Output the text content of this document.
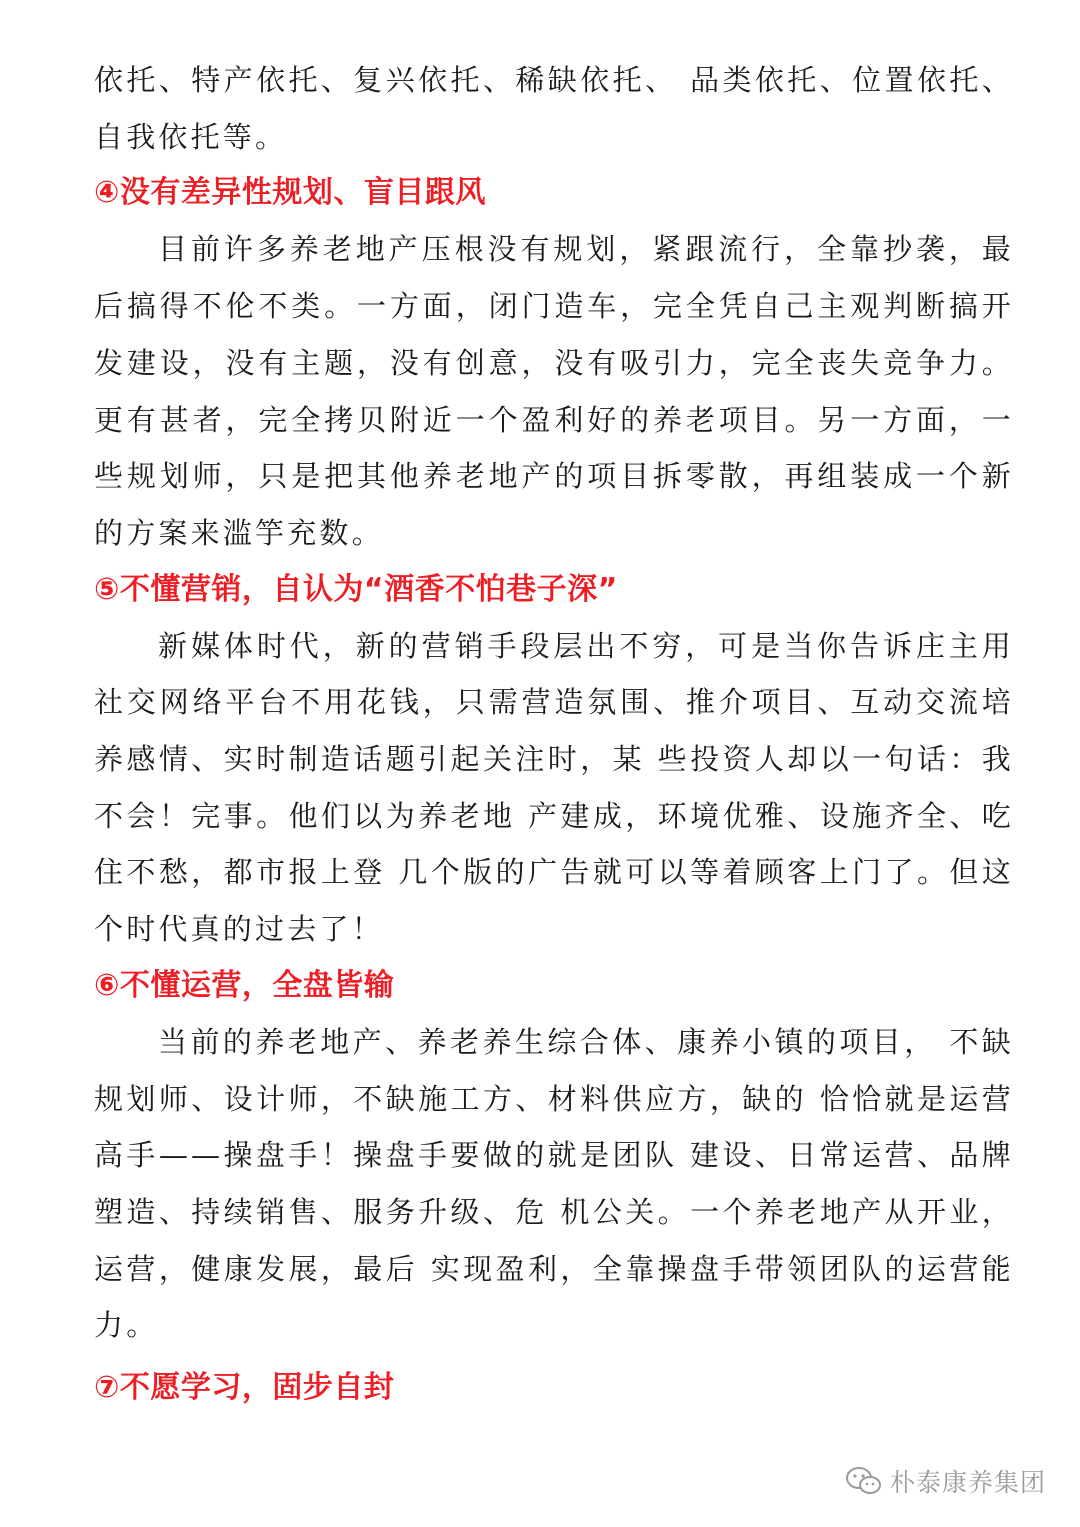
依托、特产依托、复兴依托、稀缺依托、 品类依托、位置依托、自我依托等。

④没有差异性规划、盲目跟风

目前许多养老地产压根没有规划，紧跟流行，全靠抄袭，最后搞得不伦不类。一方面，闭门造车，完全凭自己主观判断搞开发建设，没有主题，没有创意，没有吸引力，完全丧失竞争力。更有甚者，完全拷贝附近一个盈利好的养老项目。另一方面，一些规划师，只是把其他养老地产的项目拆零散，再组装成一个新的方案来滥竽充数。

⑤不懂营销，自认为“酒香不怕巷子深”

新媒体时代，新的营销手段层出不穷，可是当你告诉庄主用社交网络平台不用花钱，只需营造氛围、推介项目、互动交流培养感情、实时制造话题引起关注时，某 些投资人却以一句话：我不会！完事。他们以为养老地 产建成，环境优雅、设施齐全、吃住不愁，都市报上登 几个版的广告就可以等着顾客上门了。但这个时代真的过去了！

⑥不懂运营，全盘皆输

当前的养老地产、养老养生综合体、康养小镇的项目， 不缺规划师、设计师，不缺施工方、材料供应方，缺的 恰恰就是运营高手——操盘手！操盘手要做的就是团队 建设、日常运营、品牌塑造、持续销售、服务升级、危 机公关。一个养老地产从开业，运营，健康发展，最后 实现盈利，全靠操盘手带领团队的运营能力。

⑦不愿学习，固步自封
朴泰康养集团
